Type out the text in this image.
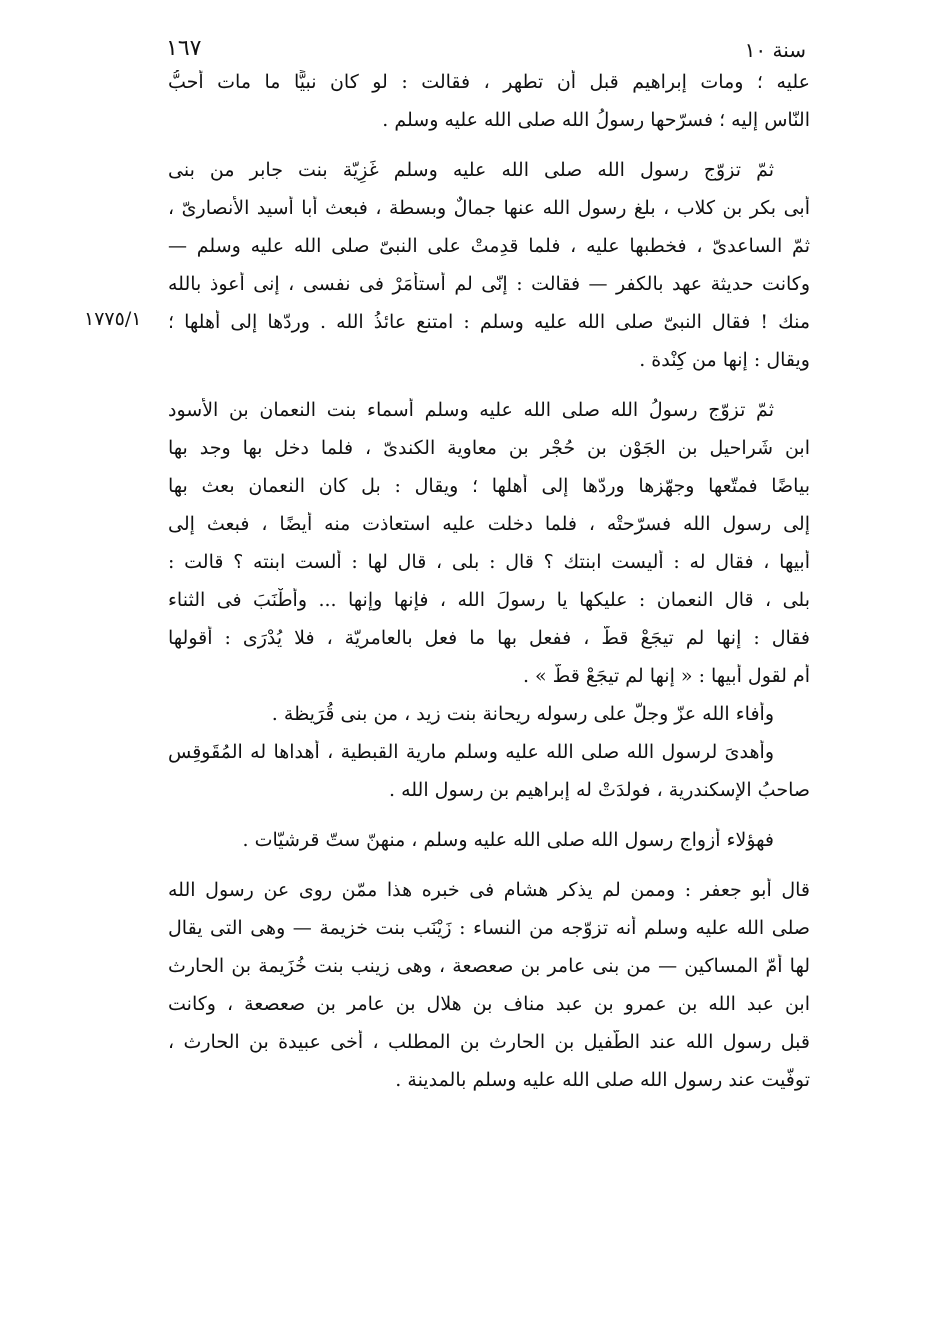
١٦٧	سنة ١٠
١٧٧٥/١
عليه ؛ ومات إبراهيم قبل أن تطهر ، فقالت : لو كان نبيًّا ما مات أحبُّ
النّاس إليه ؛ فسرّحها رسولُ الله صلى الله عليه وسلم .
ثمّ تزوّج رسول الله صلى الله عليه وسلم غَزِيّة بنت جابر من بنى
أبى بكر بن كلاب ، بلغ رسول الله عنها جمالٌ وبسطة ، فبعث أبا أسيد الأنصارىّ ،
ثمّ الساعدىّ ، فخطبها عليه ، فلما قدِمتْ على النبىّ صلى الله عليه وسلم —
وكانت حديثة عهد بالكفر — فقالت : إنّى لم أُستأمَرْ فى نفسى ، إنى أعوذ بالله
منك ! فقال النبىّ صلى الله عليه وسلم : امتنع عائذُ الله . وردّها إلى أهلها ؛
ويقال : إنها من كِنْدة .
ثمّ تزوّج رسولُ الله صلى الله عليه وسلم أسماء بنت النعمان بن الأسود
ابن شَراحيل بن الجَوْن بن حُجْر بن معاوية الكندىّ ، فلما دخل بها وجد بها
بياضًا فمتّعها وجهّزها وردّها إلى أهلها ؛ ويقال : بل كان النعمان بعث بها
إلى رسول الله فسرّحتْه ، فلما دخلت عليه استعاذت منه أيضًا ، فبعث إلى
أبيها ، فقال له : أليست ابنتك ؟ قال : بلى ، قال لها : ألست ابنته ؟ قالت :
بلى ، قال النعمان : عليكها يا رسولَ الله ، فإنها وإنها ... وأطْنَبَ فى الثناء
فقال : إنها لم تيجَعْ قطّ ، ففعل بها ما فعل بالعامريّة ، فلا يُدْرَى : أقولها
أم لقول أبيها : « إنها لم تيجَعْ قطّ » .
وأفاء الله عزّ وجلّ على رسوله ريحانة بنت زيد ، من بنى قُرَيظة .
وأهدىَ لرسول الله صلى الله عليه وسلم مارية القبطية ، أهداها له المُقَوقِس
صاحبُ الإسكندرية ، فولدَتْ له إبراهيم بن رسول الله .
فهؤلاء أزواج رسول الله صلى الله عليه وسلم ، منهنّ ستّ قرشيّات .
قال أبو جعفر : وممن لم يذكر هشام فى خبره هذا ممّن روى عن رسول الله
صلى الله عليه وسلم أنه تزوّجه من النساء : زَيْنَب بنت خزيمة — وهى التى يقال
لها أمّ المساكين — من بنى عامر بن صعصعة ، وهى زينب بنت خُزَيمة بن الحارث
ابن عبد الله بن عمرو بن عبد مناف بن هلال بن عامر بن صعصعة ، وكانت
قبل رسول الله عند الطّفيل بن الحارث بن المطلب ، أخى عبيدة بن الحارث ،
توفّيت عند رسول الله صلى الله عليه وسلم بالمدينة .
